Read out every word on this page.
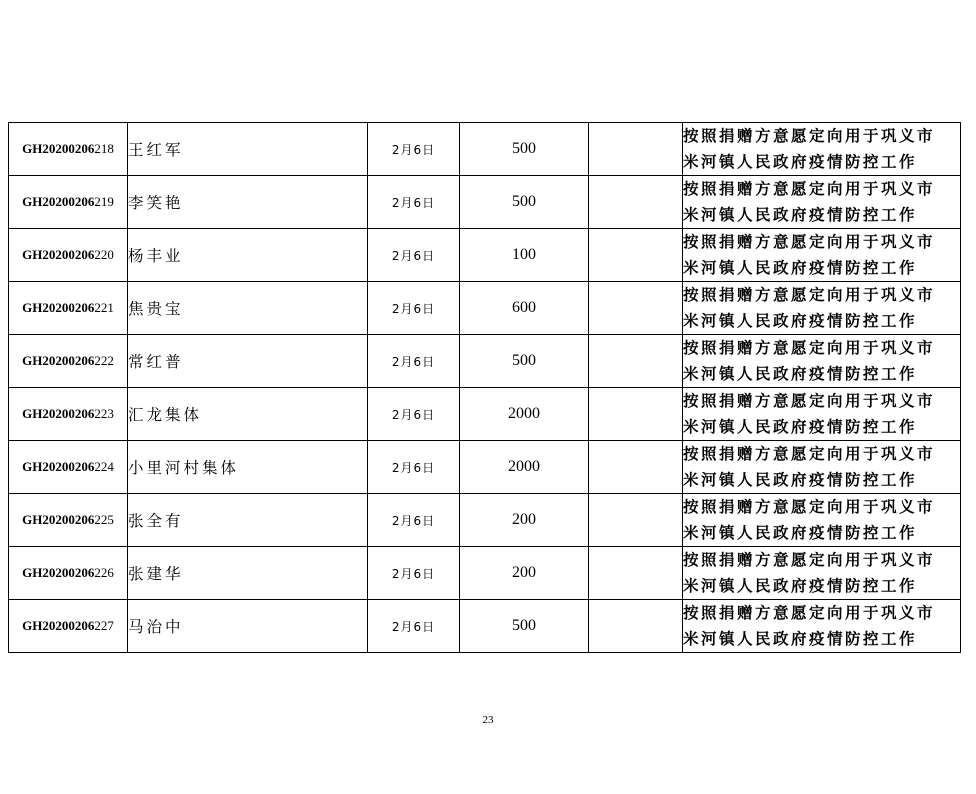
GH20200206218	王红军	2月6日	500		按照捐赠方意愿定向用于巩义市
米河镇人民政府疫情防控工作

GH20200206219	李笑艳	2月6日	500		按照捐赠方意愿定向用于巩义市
米河镇人民政府疫情防控工作

GH20200206220	杨丰业	2月6日	100		按照捐赠方意愿定向用于巩义市
米河镇人民政府疫情防控工作

GH20200206221	焦贵宝	2月6日	600		按照捐赠方意愿定向用于巩义市
米河镇人民政府疫情防控工作

GH20200206222	常红普	2月6日	500		按照捐赠方意愿定向用于巩义市
米河镇人民政府疫情防控工作

GH20200206223	汇龙集体	2月6日	2000		按照捐赠方意愿定向用于巩义市
米河镇人民政府疫情防控工作

GH20200206224	小里河村集体	2月6日	2000		按照捐赠方意愿定向用于巩义市
米河镇人民政府疫情防控工作

GH20200206225	张全有	2月6日	200		按照捐赠方意愿定向用于巩义市
米河镇人民政府疫情防控工作

GH20200206226	张建华	2月6日	200		按照捐赠方意愿定向用于巩义市
米河镇人民政府疫情防控工作

GH20200206227	马治中	2月6日	500		按照捐赠方意愿定向用于巩义市
米河镇人民政府疫情防控工作
23
